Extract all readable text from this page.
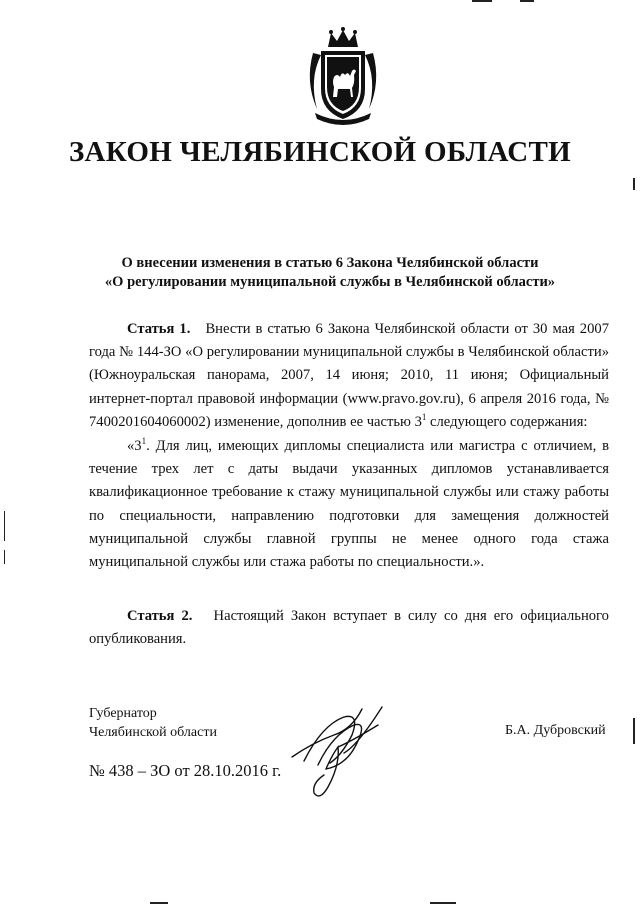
ЗАКОН ЧЕЛЯБИНСКОЙ ОБЛАСТИ
О внесении изменения в статью 6 Закона Челябинской области
«О регулировании муниципальной службы в Челябинской области»

Статья 1. Внести в статью 6 Закона Челябинской области от 30 мая 2007 года № 144-ЗО «О регулировании муниципальной службы в Челябинской области» (Южноуральская панорама, 2007, 14 июня; 2010, 11 июня; Официальный интернет-портал правовой информации (www.pravo.gov.ru), 6 апреля 2016 года, № 7400201604060002) изменение, дополнив ее частью $3^1$ следующего содержания:

«$3^1$. Для лиц, имеющих дипломы специалиста или магистра с отличием, в течение трех лет с даты выдачи указанных дипломов устанавливается квалификационное требование к стажу муниципальной службы или стажу работы по специальности, направлению подготовки для замещения должностей муниципальной службы главной группы не менее одного года стажа муниципальной службы или стажа работы по специальности.».

Статья 2. Настоящий Закон вступает в силу со дня его официального опубликования.

Губернатор
Челябинской области	Б.А. Дубровский
№ 438 – ЗО от 28.10.2016 г.
